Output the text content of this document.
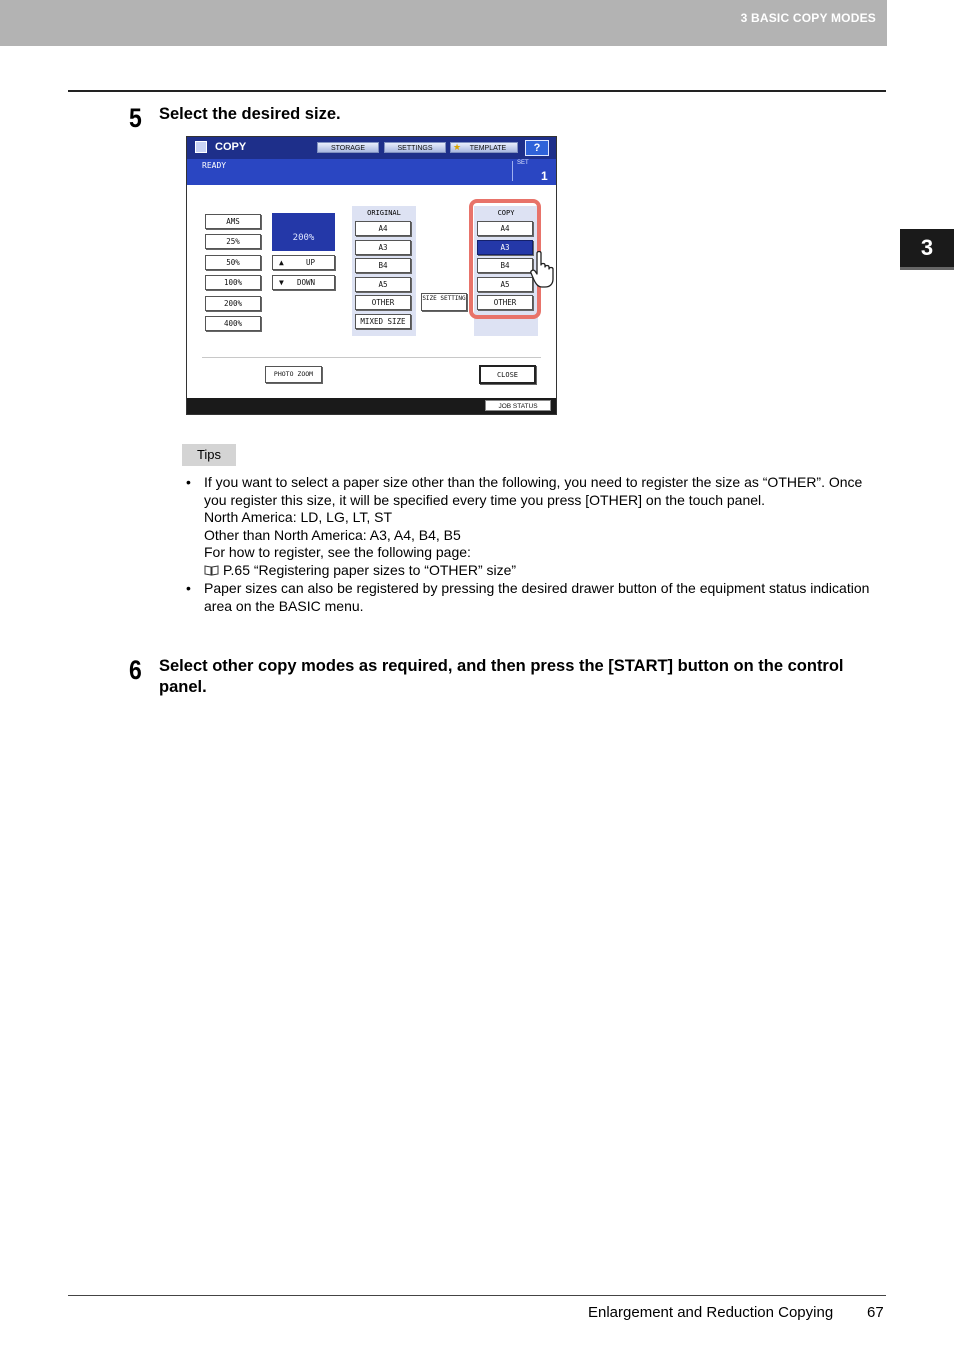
3 BASIC COPY MODES
3
5 Select the desired size.
COPY	STORAGE	SETTINGS	★ TEMPLATE	?
READY	SET
1
AMS
25%
50%
100%
200%
400%
200%
▲	UP
▼ DOWN
ORIGINAL
A4
A3
B4
A5
OTHER
MIXED SIZE
SIZE SETTING
COPY
A4
A3
B4
A5
OTHER
PHOTO ZOOM	CLOSE
JOB STATUS
Tips
• If you want to select a paper size other than the following, you need to register the size as “OTHER”. Once
you register this size, it will be specified every time you press [OTHER] on the touch panel.
North America: LD, LG, LT, ST
Other than North America: A3, A4, B4, B5
For how to register, see the following page:
P.65 “Registering paper sizes to “OTHER” size”
• Paper sizes can also be registered by pressing the desired drawer button of the equipment status indication
area on the BASIC menu.
6 Select other copy modes as required, and then press the [START] button on the control
panel.
Enlargement and Reduction Copying 67
